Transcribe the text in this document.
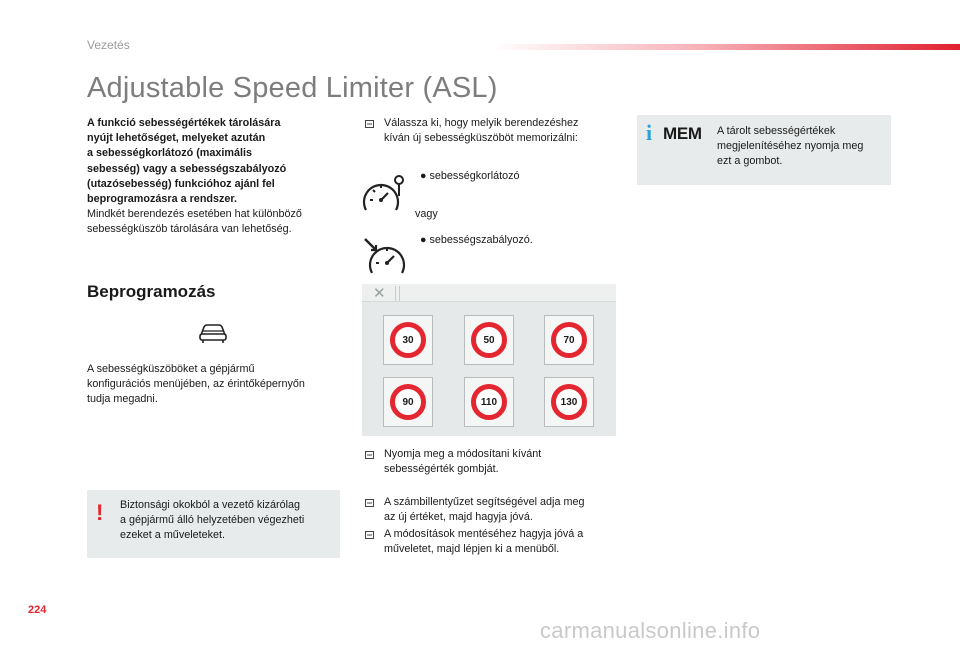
Vezetés
Adjustable Speed Limiter (ASL)
A funkció sebességértékek tárolására
nyújt lehetőséget, melyeket azután
a sebességkorlátozó (maximális
sebesség) vagy a sebességszabályozó
(utazósebesség) funkcióhoz ajánl fel
beprogramozásra a rendszer.
Mindkét berendezés esetében hat különböző
sebességküszöb tárolására van lehetőség.
Beprogramozás
A sebességküszöböket a gépjármű
konfigurációs menüjében, az érintőképernyőn
tudja megadni.
! Biztonsági okokból a vezető kizárólag
a gépjármű álló helyzetében végezheti
ezeket a műveleteket.
Válassza ki, hogy melyik berendezéshez
kíván új sebességküszöböt memorizálni:
● sebességkorlátozó
vagy
● sebességszabályozó.
✕
30	50	70
90	110	130
Nyomja meg a módosítani kívánt
sebességérték gombját.
A számbillentyűzet segítségével adja meg
az új értéket, majd hagyja jóvá.
A módosítások mentéséhez hagyja jóvá a
műveletet, majd lépjen ki a menüből.
i MEM A tárolt sebességértékek
megjelenítéséhez nyomja meg
ezt a gombot.
224
carmanualsonline.info
